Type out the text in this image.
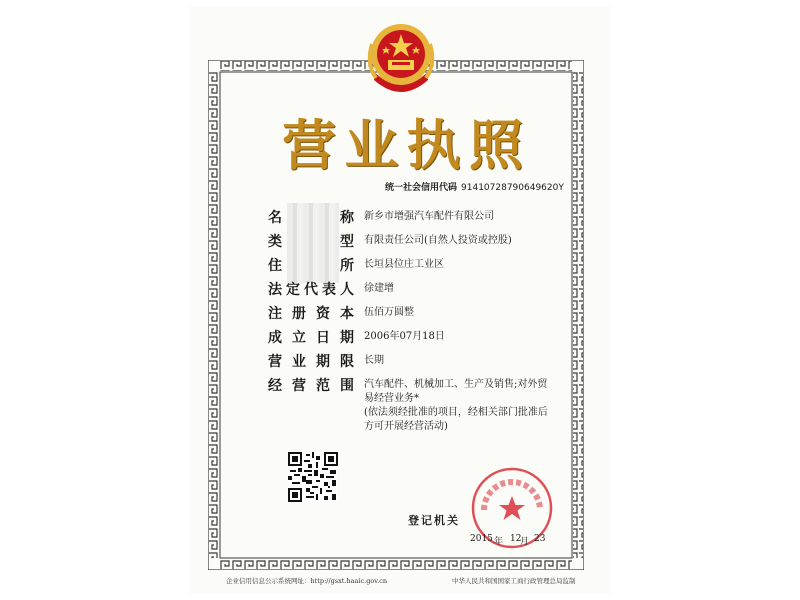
营 业 执 照
统一社会信用代码 91410728790649620Y
名	称 新乡市增强汽车配件有限公司
类	型 有限责任公司(自然人投资或控股)
住	所 长垣县位庄工业区
法 定 代 表 人 徐建增
注 册 资 本 伍佰万圆整
成 立 日 期 2006年07月18日
营 业 期 限 长期
经 营 范 围 汽车配件、机械加工、生产及销售;对外贸易经营业务*
(依法须经批准的项目，经相关部门批准后方可开展经营活动)
登记机关
2015 年 12
月 23
企业信用信息公示系统网址：http://gsxt.haaic.gov.cn	中华人民共和国国家工商行政管理总局监制
